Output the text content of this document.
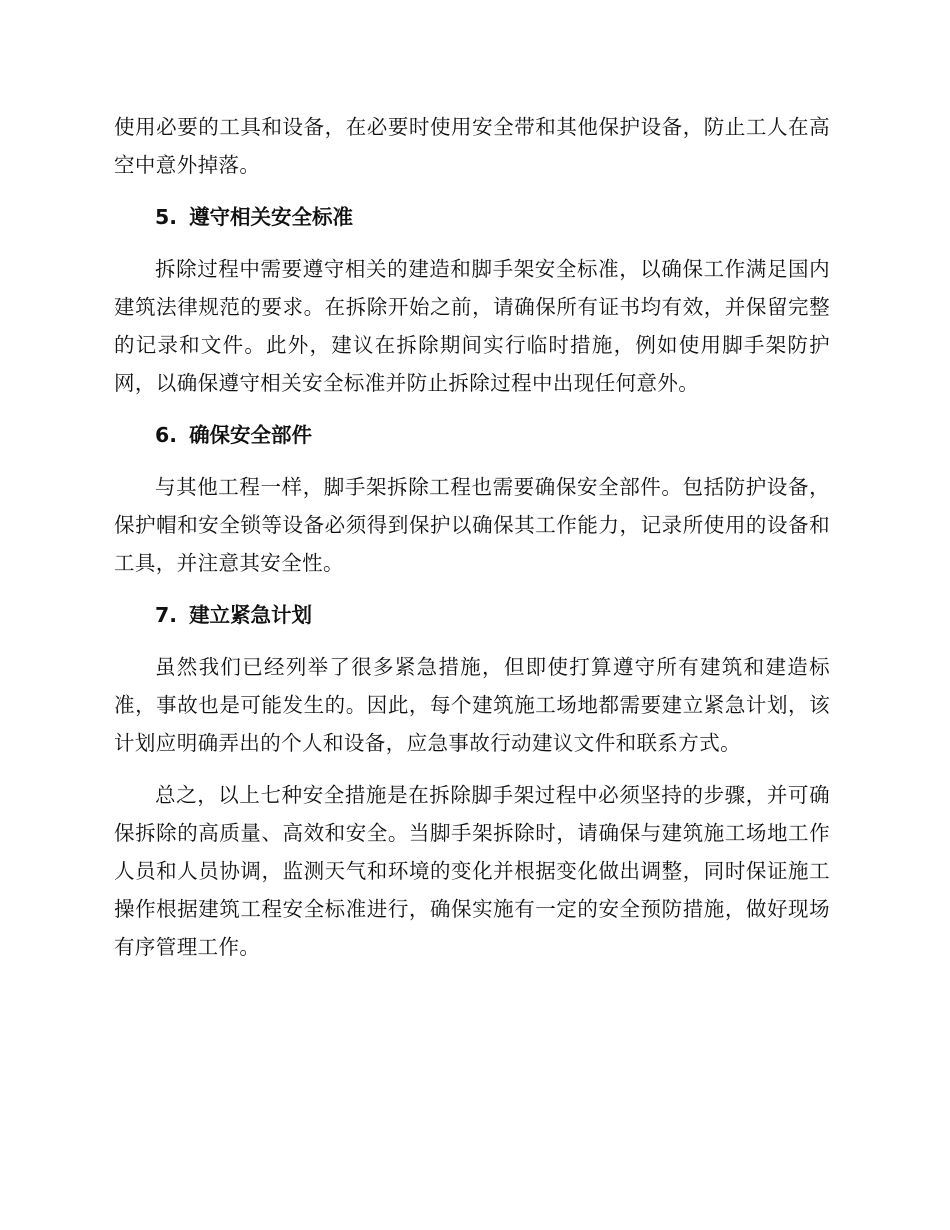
使用必要的工具和设备，在必要时使用安全带和其他保护设备，防止工人在高空中意外掉落。

5. 遵守相关安全标准

拆除过程中需要遵守相关的建造和脚手架安全标准，以确保工作满足国内建筑法律规范的要求。在拆除开始之前，请确保所有证书均有效，并保留完整的记录和文件。此外，建议在拆除期间实行临时措施，例如使用脚手架防护网，以确保遵守相关安全标准并防止拆除过程中出现任何意外。

6. 确保安全部件

与其他工程一样，脚手架拆除工程也需要确保安全部件。包括防护设备，保护帽和安全锁等设备必须得到保护以确保其工作能力，记录所使用的设备和工具，并注意其安全性。

7. 建立紧急计划

虽然我们已经列举了很多紧急措施，但即使打算遵守所有建筑和建造标准，事故也是可能发生的。因此，每个建筑施工场地都需要建立紧急计划，该计划应明确弄出的个人和设备，应急事故行动建议文件和联系方式。

总之，以上七种安全措施是在拆除脚手架过程中必须坚持的步骤，并可确保拆除的高质量、高效和安全。当脚手架拆除时，请确保与建筑施工场地工作人员和人员协调，监测天气和环境的变化并根据变化做出调整，同时保证施工操作根据建筑工程安全标准进行，确保实施有一定的安全预防措施，做好现场有序管理工作。
